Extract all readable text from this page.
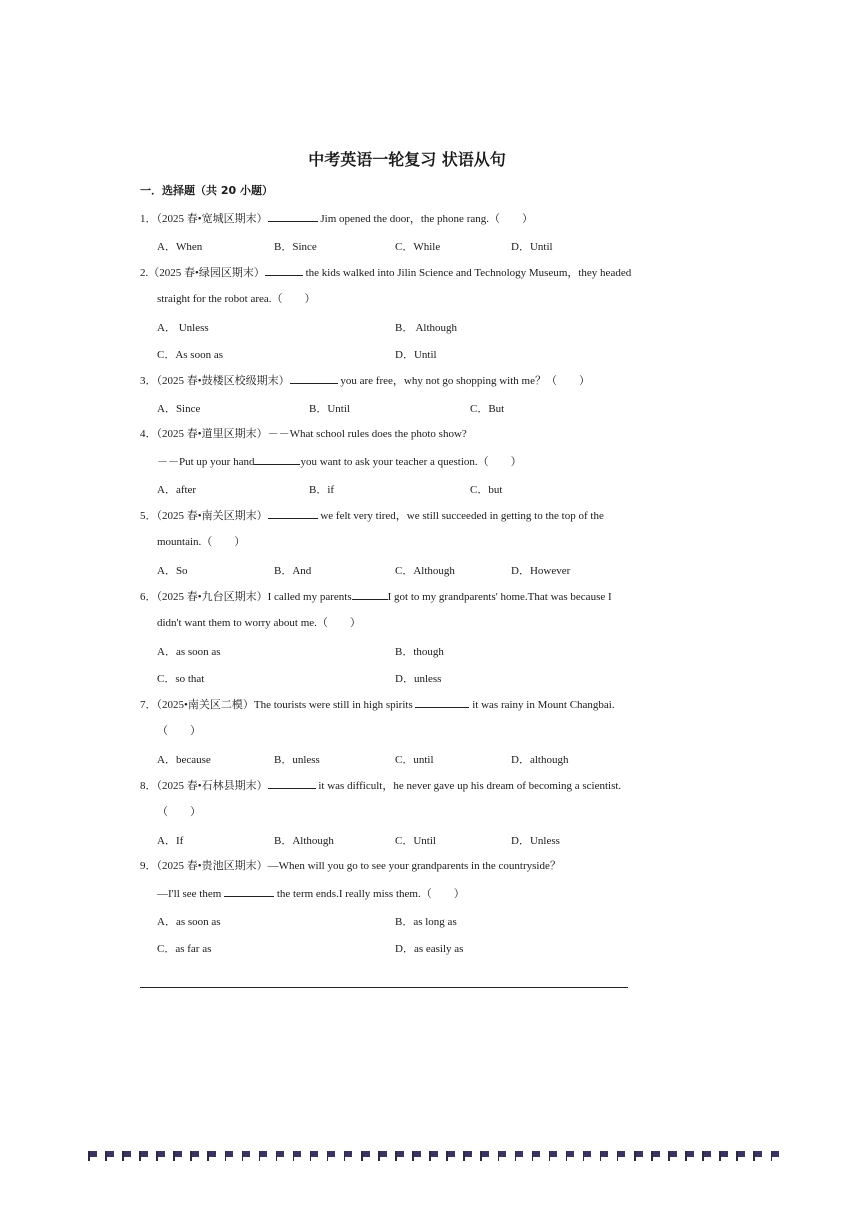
中考英语一轮复习 状语从句
一．选择题（共 20 小题）
1．（2025 春•宽城区期末）	Jim opened the door，the phone rang.（　　）
A．When	B．Since	C．While	D．Until
2.（2025 春•绿园区期末）	the kids walked into Jilin Science and Technology Museum，they headed
straight for the robot area.（　　）
A． Unless	B． Although
C．As soon as	D．Until
3．（2025 春•鼓楼区校级期末）	you are free，why not go shopping with me？（　　）
A．Since	B．Until	C．But
4．（2025 春•道里区期末）－－What school rules does the photo show?
－－Put up your hand	you want to ask your teacher a question.（　　）
A．after	B．if	C．but
5．（2025 春•南关区期末）	we felt very tired，we still succeeded in getting to the top of the
mountain.（　　）
A．So	B．And	C．Although	D．However
6．（2025 春•九台区期末）I called my parents	I got to my grandparents' home.That was because I
didn't want them to worry about me.（　　）
A．as soon as	B．though
C．so that	D．unless
7．（2025•南关区二模）The tourists were still in high spirits	it was rainy in Mount Changbai.
（　　）
A．because	B．unless	C．until	D．although
8．（2025 春•石林县期末）	it was difficult，he never gave up his dream of becoming a scientist.
（　　）
A．If	B．Although	C．Until	D．Unless
9．（2025 春•贵池区期末）—When will you go to see your grandparents in the countryside？
—I'll see them	the term ends.I really miss them.（　　）
A．as soon as	B．as long as
C．as far as	D．as easily as
